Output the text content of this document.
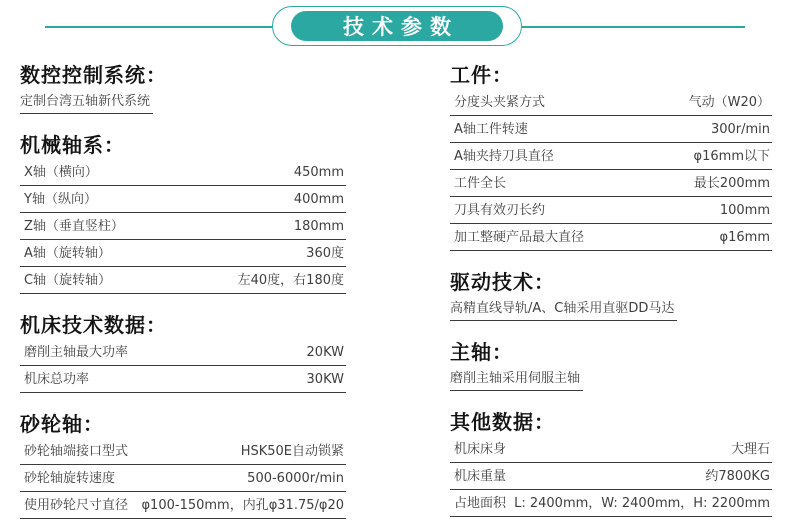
技术参数
数控控制系统：
定制台湾五轴新代系统
机械轴系：
X轴（横向）	450mm
Y轴（纵向）	400mm
Z轴（垂直竖柱）	180mm
A轴（旋转轴）	360度
C轴（旋转轴）	左40度，右180度
机床技术数据：
磨削主轴最大功率	20KW
机床总功率	30KW
砂轮轴：
砂轮轴端接口型式	HSK50E自动锁紧
砂轮轴旋转速度	500-6000r/min
使用砂轮尺寸直径 φ100-150mm，内孔φ31.75/φ20
工件：
分度头夹紧方式	气动（W20）
A轴工件转速	300r/min
A轴夹持刀具直径	φ16mm以下
工件全长	最长200mm
刀具有效刃长约	100mm
加工整硬产品最大直径	φ16mm
驱动技术：
高精直线导轨/A、C轴采用直驱DD马达
主轴：
磨削主轴采用伺服主轴
其他数据：
机床床身	大理石
机床重量	约7800KG
占地面积 L: 2400mm，W: 2400mm，H: 2200mm
